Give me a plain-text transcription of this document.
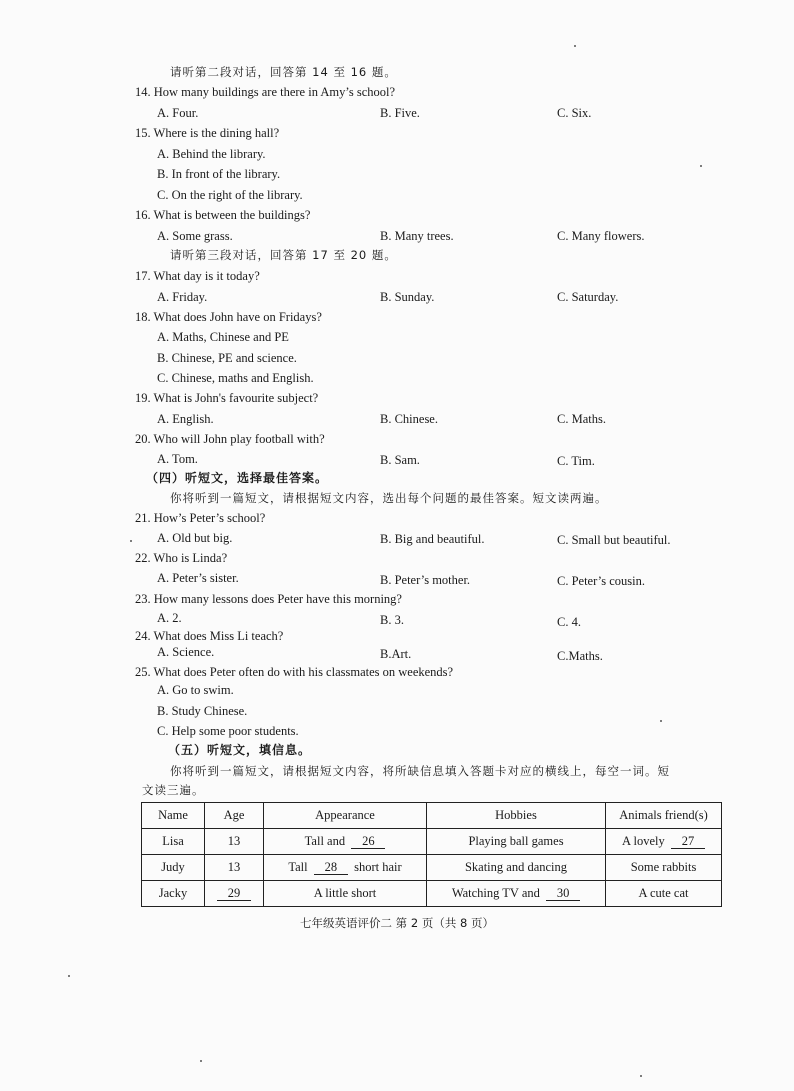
请听第二段对话，回答第 14 至 16 题。
14. How many buildings are there in Amy’s school?
A. Four.	B. Five.	C. Six.
15. Where is the dining hall?
A. Behind the library.
B. In front of the library.
C. On the right of the library.
16. What is between the buildings?
A. Some grass.	B. Many trees.	C. Many flowers.
请听第三段对话，回答第 17 至 20 题。
17. What day is it today?
A. Friday.	B. Sunday.	C. Saturday.
18. What does John have on Fridays?
A. Maths, Chinese and PE
B. Chinese, PE and science.
C. Chinese, maths and English.
19. What is John's favourite subject?
A. English.	B. Chinese.	C. Maths.
20. Who will John play football with?
A. Tom.	B. Sam.	C. Tim.
（四）听短文，选择最佳答案。
你将听到一篇短文，请根据短文内容，选出每个问题的最佳答案。短文读两遍。
21. How’s Peter’s school?
A. Old but big.	B. Big and beautiful.	C. Small but beautiful.
22. Who is Linda?
A. Peter’s sister.	B. Peter’s mother.	C. Peter’s cousin.
23. How many lessons does Peter have this morning?
A. 2.	B. 3.	C. 4.
24. What does Miss Li teach?
A. Science.	B.Art.	C.Maths.
25. What does Peter often do with his classmates on weekends?
A. Go to swim.
B. Study Chinese.
C. Help some poor students.
（五）听短文，填信息。
你将听到一篇短文，请根据短文内容，将所缺信息填入答题卡对应的横线上，每空一词。短
文读三遍。
Name	Age	Appearance	Hobbies	Animals friend(s)
Lisa	13	Tall and 26	Playing ball games	A lovely 27
Judy	13	Tall 28 short hair	Skating and dancing	Some rabbits
Jacky	29	A little short	Watching TV and 30	A cute cat
七年级英语评价二 第 2 页（共 8 页）
